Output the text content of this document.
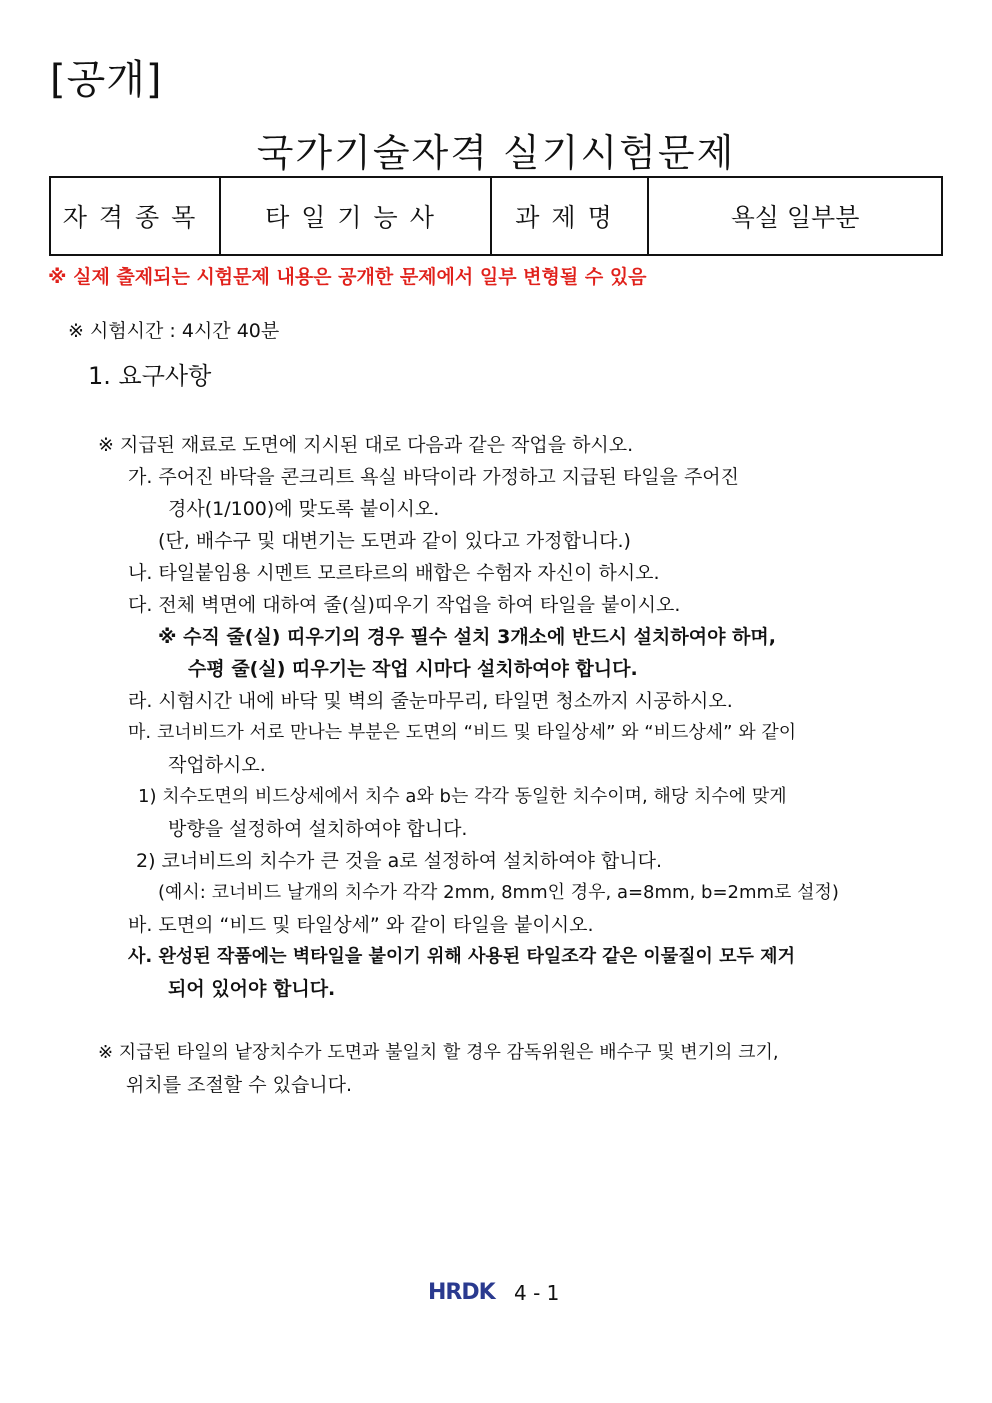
[공개]
국가기술자격 실기시험문제
자격종목	타일기능사	과제명	욕실 일부분
※ 실제 출제되는 시험문제 내용은 공개한 문제에서 일부 변형될 수 있음
※ 시험시간 : 4시간 40분
1. 요구사항
※ 지급된 재료로 도면에 지시된 대로 다음과 같은 작업을 하시오.
가. 주어진 바닥을 콘크리트 욕실 바닥이라 가정하고 지급된 타일을 주어진
경사(1/100)에 맞도록 붙이시오.
(단, 배수구 및 대변기는 도면과 같이 있다고 가정합니다.)
나. 타일붙임용 시멘트 모르타르의 배합은 수험자 자신이 하시오.
다. 전체 벽면에 대하여 줄(실)띠우기 작업을 하여 타일을 붙이시오.
※ 수직 줄(실) 띠우기의 경우 필수 설치 3개소에 반드시 설치하여야 하며,
수평 줄(실) 띠우기는 작업 시마다 설치하여야 합니다.
라. 시험시간 내에 바닥 및 벽의 줄눈마무리, 타일면 청소까지 시공하시오.
마. 코너비드가 서로 만나는 부분은 도면의 “비드 및 타일상세” 와 “비드상세” 와 같이
작업하시오.
1) 치수도면의 비드상세에서 치수 a와 b는 각각 동일한 치수이며, 해당 치수에 맞게
방향을 설정하여 설치하여야 합니다.
2) 코너비드의 치수가 큰 것을 a로 설정하여 설치하여야 합니다.
(예시: 코너비드 날개의 치수가 각각 2mm, 8mm인 경우, a=8mm, b=2mm로 설정)
바. 도면의 “비드 및 타일상세” 와 같이 타일을 붙이시오.
사. 완성된 작품에는 벽타일을 붙이기 위해 사용된 타일조각 같은 이물질이 모두 제거
되어 있어야 합니다.
※ 지급된 타일의 낱장치수가 도면과 불일치 할 경우 감독위원은 배수구 및 변기의 크기,
위치를 조절할 수 있습니다.
HRDK 4 - 1
